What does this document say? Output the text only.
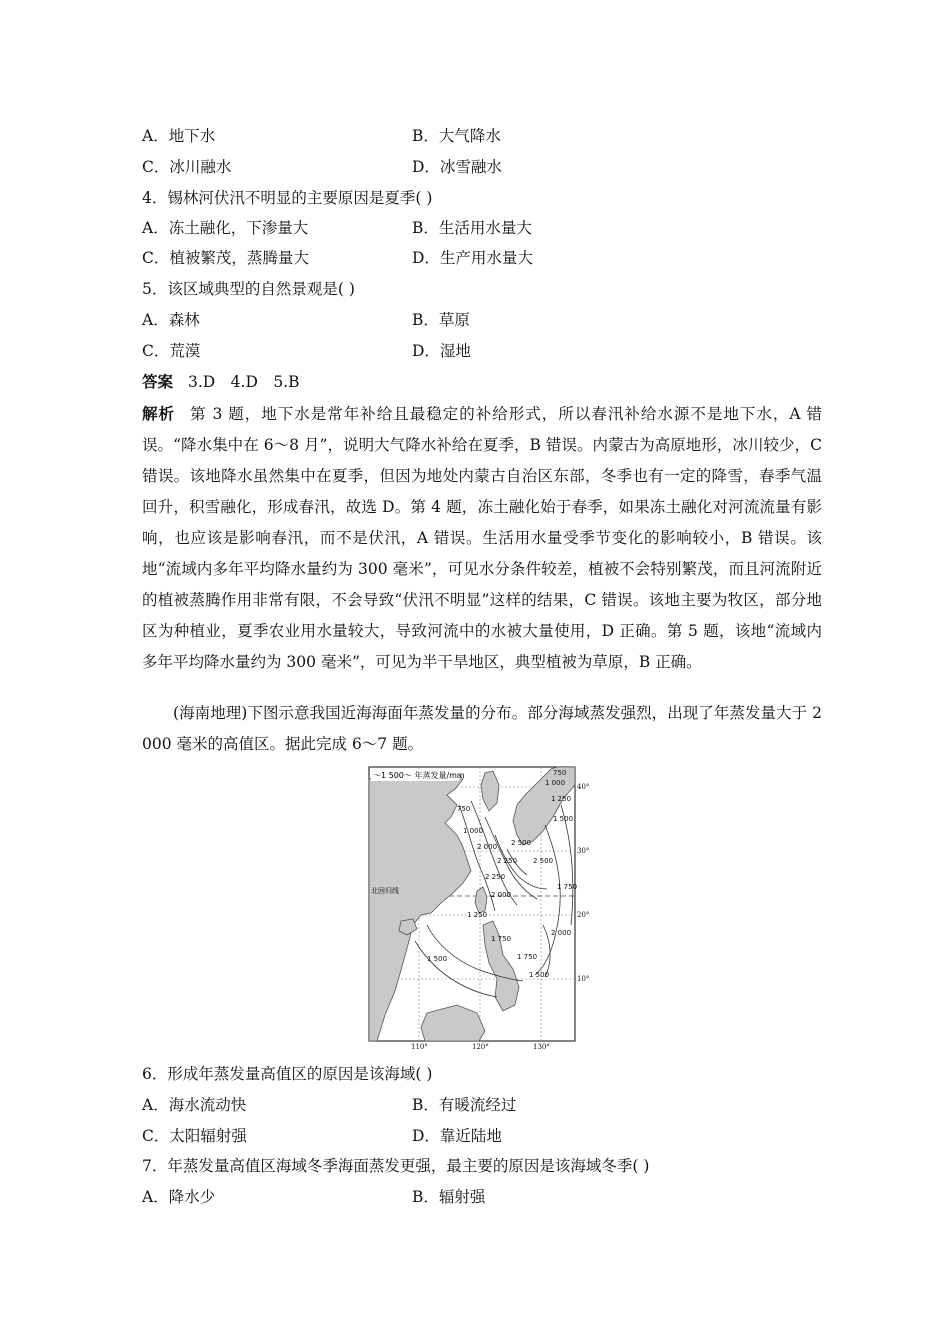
A．地下水	B．大气降水
C．冰川融水	D．冰雪融水
4．锡林河伏汛不明显的主要原因是夏季( )
A．冻土融化，下渗量大	B．生活用水量大
C．植被繁茂，蒸腾量大	D．生产用水量大
5．该区域典型的自然景观是( )
A．森林	B．草原
C．荒漠	D．湿地
答案 3.D　4.D　5.B
解析 第 3 题，地下水是常年补给且最稳定的补给形式，所以春汛补给水源不是地下水，A 错误。“降水集中在 6～8 月”，说明大气降水补给在夏季，B 错误。内蒙古为高原地形，冰川较少，C 错误。该地降水虽然集中在夏季，但因为地处内蒙古自治区东部，冬季也有一定的降雪，春季气温回升，积雪融化，形成春汛，故选 D。第 4 题，冻土融化始于春季，如果冻土融化对河流流量有影响，也应该是影响春汛，而不是伏汛，A 错误。生活用水量受季节变化的影响较小，B 错误。该地“流域内多年平均降水量约为 300 毫米”，可见水分条件较差，植被不会特别繁茂，而且河流附近的植被蒸腾作用非常有限，不会导致“伏汛不明显”这样的结果，C 错误。该地主要为牧区，部分地区为种植业，夏季农业用水量较大，导致河流中的水被大量使用，D 正确。第 5 题，该地“流域内多年平均降水量约为 300 毫米”，可见为半干旱地区，典型植被为草原，B 正确。
(海南地理)下图示意我国近海海面年蒸发量的分布。部分海域蒸发强烈，出现了年蒸发量大于 2 000 毫米的高值区。据此完成 6～7 题。
～1 500～ 年蒸发量/mm
北回归线
750
1 000
1 250
1 500
750
1 000
2 000
2 250
2 500
2 250
2 500
2 000
1 750
2 000
1 750
1 500
1 750
1 500
1 250
40°
30°
20°
10°
110°	120°	130°
6．形成年蒸发量高值区的原因是该海域( )
A．海水流动快	B．有暖流经过
C．太阳辐射强	D．靠近陆地
7．年蒸发量高值区海域冬季海面蒸发更强，最主要的原因是该海域冬季( )
A．降水少	B．辐射强
